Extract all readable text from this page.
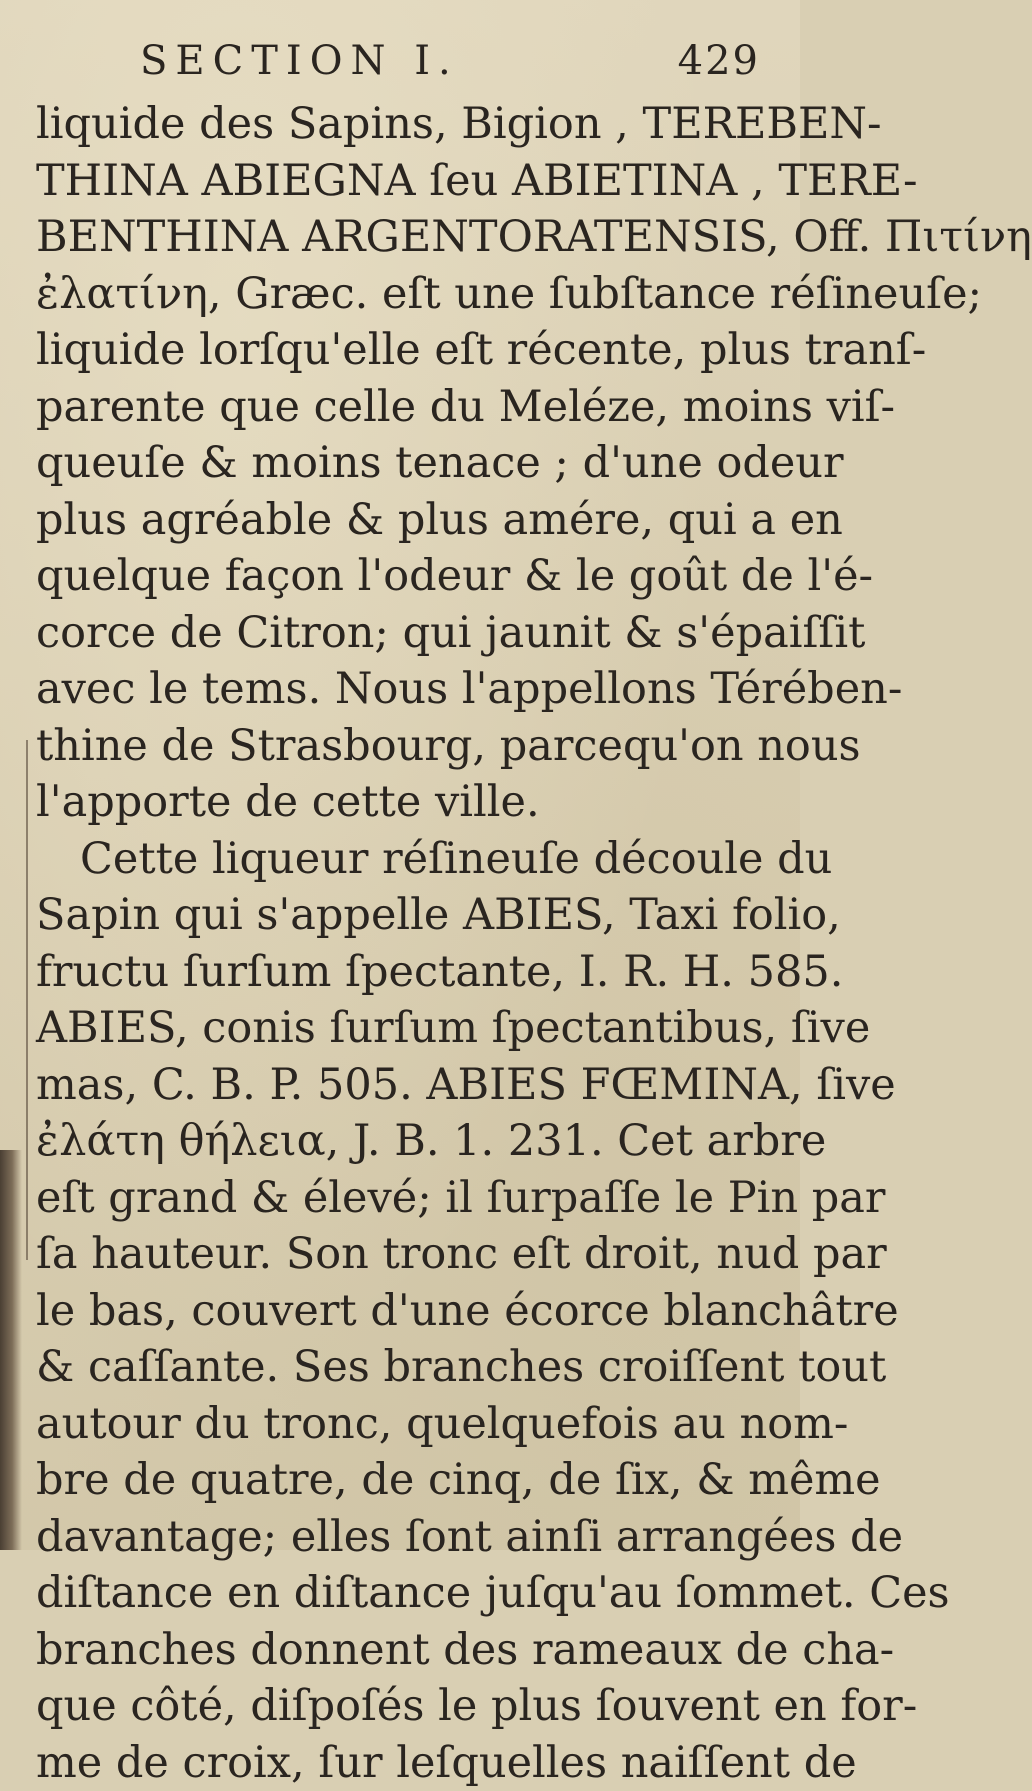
SECTION I.	429
liquide des Sapins, Bigion , TEREBEN-
THINA ABIEGNA ſeu ABIETINA , TERE-
BENTHINA ARGENTORATENSIS, Off. Πιτίνη
ἐλατίνη, Græc. eſt une ſubſtance réſineuſe;
liquide lorſqu'elle eſt récente, plus tranſ-
parente que celle du Meléze, moins viſ-
queuſe & moins tenace ; d'une odeur
plus agréable & plus amére, qui a en
quelque façon l'odeur & le goût de l'é-
corce de Citron; qui jaunit & s'épaiſſit
avec le tems. Nous l'appellons Térében-
thine de Strasbourg, parcequ'on nous
l'apporte de cette ville.
Cette liqueur réſineuſe découle du
Sapin qui s'appelle ABIES, Taxi folio,
fructu ſurſum ſpectante, I. R. H. 585.
ABIES, conis ſurſum ſpectantibus, ſive
mas, C. B. P. 505. ABIES FŒMINA, ſive
ἐλάτη θήλεια, J. B. 1. 231. Cet arbre
eſt grand & élevé; il ſurpaſſe le Pin par
ſa hauteur. Son tronc eſt droit, nud par
le bas, couvert d'une écorce blanchâtre
& caſſante. Ses branches croiſſent tout
autour du tronc, quelquefois au nom-
bre de quatre, de cinq, de ſix, & même
davantage; elles ſont ainſi arrangées de
diſtance en diſtance juſqu'au ſommet. Ces
branches donnent des rameaux de cha-
que côté, diſpoſés le plus ſouvent en for-
me de croix, ſur leſquelles naiſſent de
